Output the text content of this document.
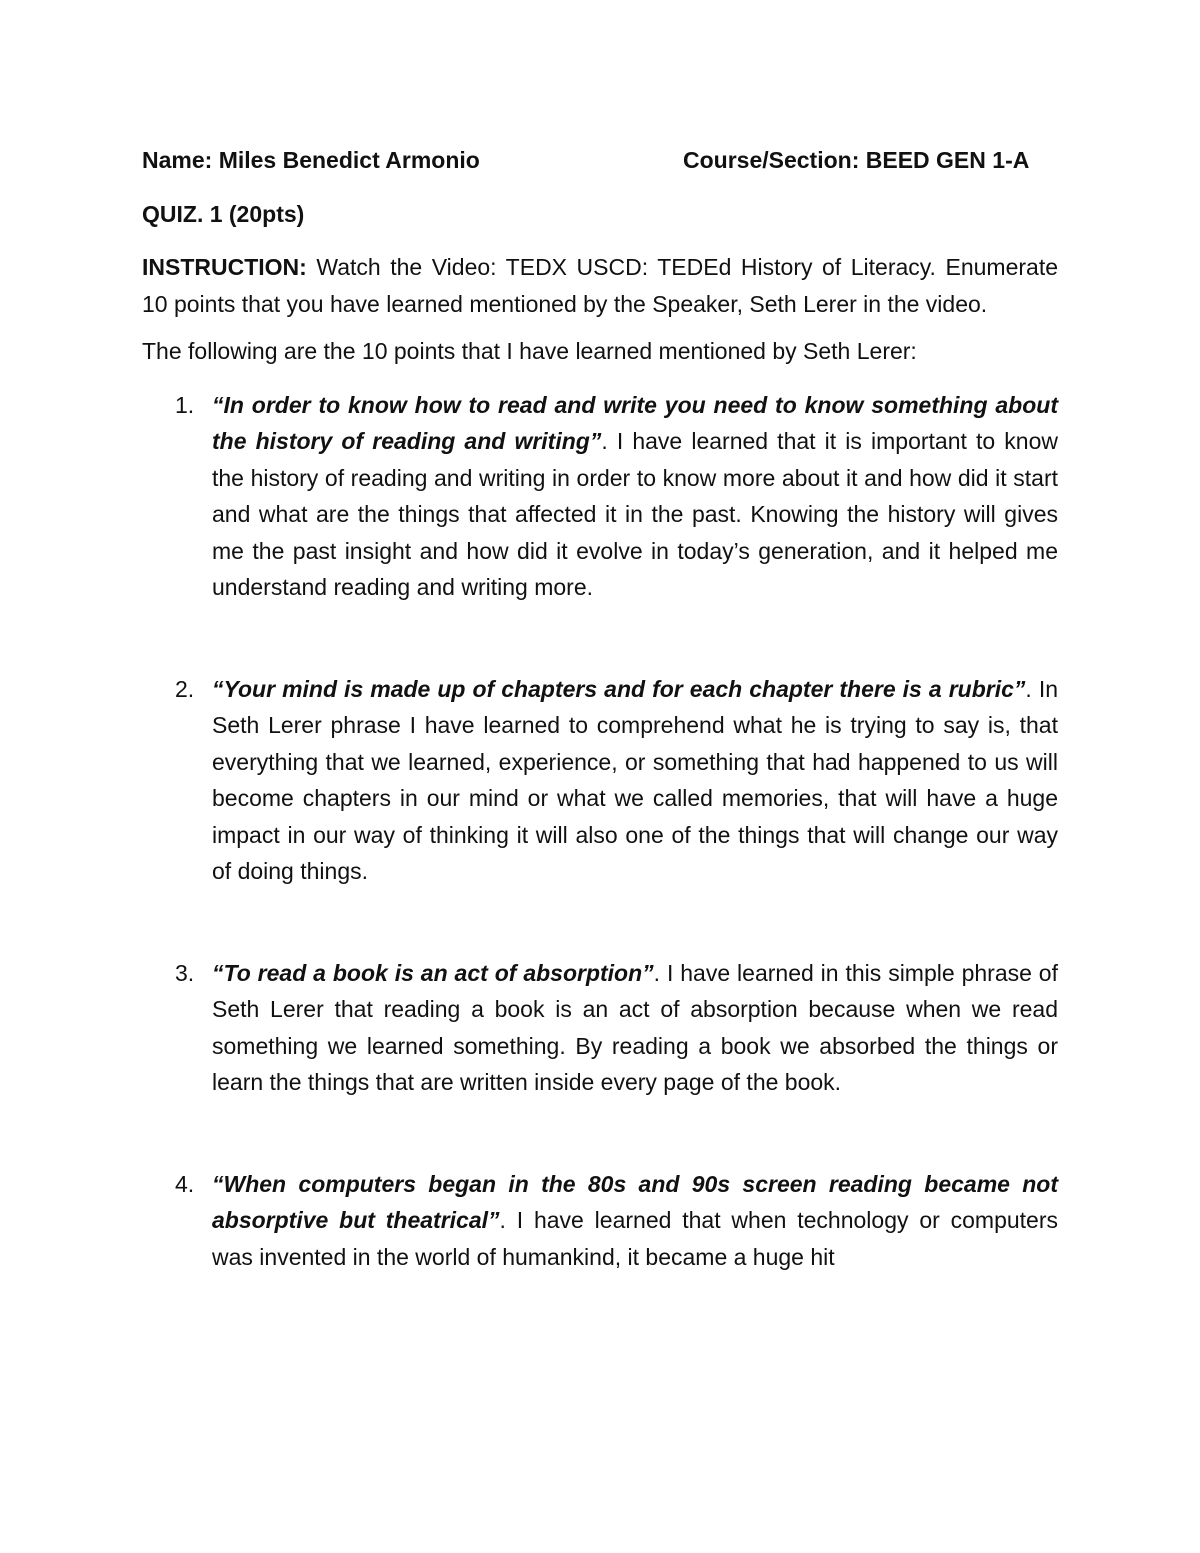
Name: Miles Benedict Armonio	Course/Section: BEED GEN 1-A
QUIZ. 1 (20pts)

INSTRUCTION: Watch the Video: TEDX USCD: TEDEd History of Literacy. Enumerate 10 points that you have learned mentioned by the Speaker, Seth Lerer in the video.

The following are the 10 points that I have learned mentioned by Seth Lerer:

1. “In order to know how to read and write you need to know something about the history of reading and writing”. I have learned that it is important to know the history of reading and writing in order to know more about it and how did it start and what are the things that affected it in the past. Knowing the history will gives me the past insight and how did it evolve in today’s generation, and it helped me understand reading and writing more.
2. “Your mind is made up of chapters and for each chapter there is a rubric”. In Seth Lerer phrase I have learned to comprehend what he is trying to say is, that everything that we learned, experience, or something that had happened to us will become chapters in our mind or what we called memories, that will have a huge impact in our way of thinking it will also one of the things that will change our way of doing things.
3. “To read a book is an act of absorption”. I have learned in this simple phrase of Seth Lerer that reading a book is an act of absorption because when we read something we learned something. By reading a book we absorbed the things or learn the things that are written inside every page of the book.
4. “When computers began in the 80s and 90s screen reading became not absorptive but theatrical”. I have learned that when technology or computers was invented in the world of humankind, it became a huge hit
